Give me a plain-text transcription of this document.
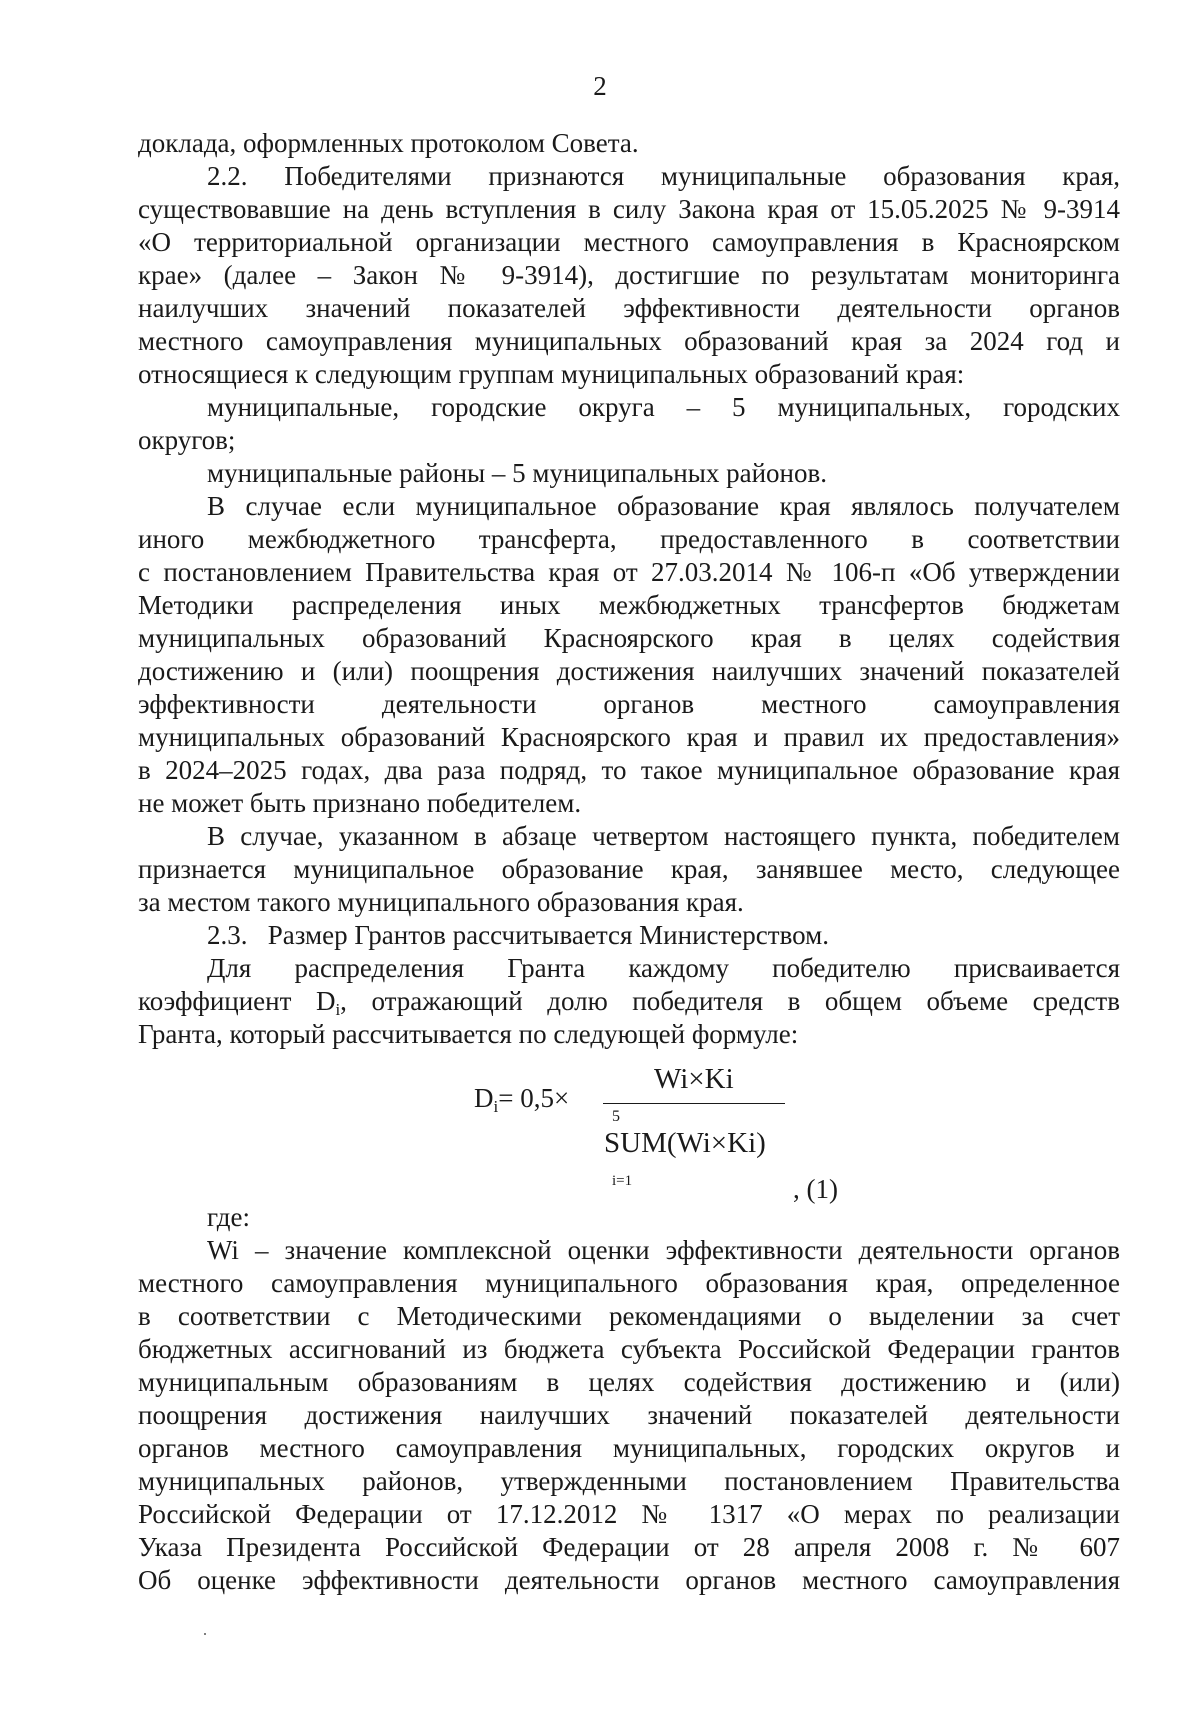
2
доклада, оформленных протоколом Совета.
2.2. Победителями признаются муниципальные образования края,
существовавшие на день вступления в силу Закона края от 15.05.2025 № 9-3914
«О территориальной организации местного самоуправления в Красноярском
крае» (далее – Закон № 9-3914), достигшие по результатам мониторинга
наилучших значений показателей эффективности деятельности органов
местного самоуправления муниципальных образований края за 2024 год и
относящиеся к следующим группам муниципальных образований края:
муниципальные, городские округа – 5 муниципальных, городских
округов;
муниципальные районы – 5 муниципальных районов.
В случае если муниципальное образование края являлось получателем
иного межбюджетного трансферта, предоставленного в соответствии
с постановлением Правительства края от 27.03.2014 № 106-п «Об утверждении
Методики распределения иных межбюджетных трансфертов бюджетам
муниципальных образований Красноярского края в целях содействия
достижению и (или) поощрения достижения наилучших значений показателей
эффективности деятельности органов местного самоуправления
муниципальных образований Красноярского края и правил их предоставления»
в 2024–2025 годах, два раза подряд, то такое муниципальное образование края
не может быть признано победителем.
В случае, указанном в абзаце четвертом настоящего пункта, победителем
признается муниципальное образование края, занявшее место, следующее
за местом такого муниципального образования края.
2.3.   Размер Грантов рассчитывается Министерством.
Для распределения Гранта каждому победителю присваивается
коэффициент $D_i$, отражающий долю победителя в общем объеме средств
Гранта, который рассчитывается по следующей формуле:
$D_i= 0,5\times$
Wi×Ki
5
SUM(Wi×Ki)
i=1	, (1)
где:
Wi – значение комплексной оценки эффективности деятельности органов
местного самоуправления муниципального образования края, определенное
в соответствии с Методическими рекомендациями о выделении за счет
бюджетных ассигнований из бюджета субъекта Российской Федерации грантов
муниципальным образованиям в целях содействия достижению и (или)
поощрения достижения наилучших значений показателей деятельности
органов местного самоуправления муниципальных, городских округов и
муниципальных районов, утвержденными постановлением Правительства
Российской Федерации от 17.12.2012 № 1317 «О мерах по реализации
Указа Президента Российской Федерации от 28 апреля 2008 г. № 607
Об оценке эффективности деятельности органов местного самоуправления
